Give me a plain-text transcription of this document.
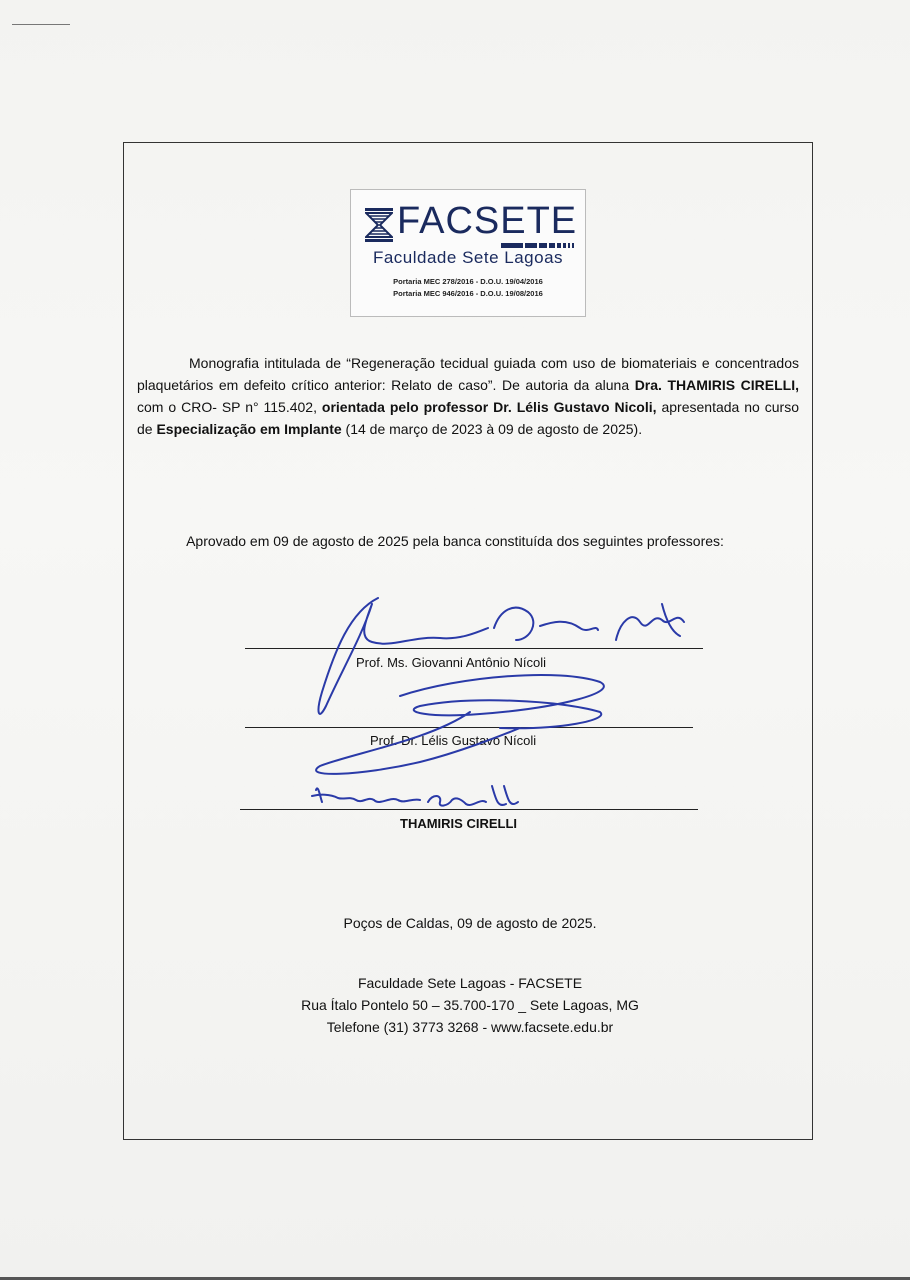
FACSETE
Faculdade Sete Lagoas
Portaria MEC 278/2016 - D.O.U. 19/04/2016
Portaria MEC 946/2016 - D.O.U. 19/08/2016

Monografia intitulada de “Regeneração tecidual guiada com uso de biomateriais e concentrados plaquetários em defeito crítico anterior: Relato de caso”. De autoria da aluna Dra. THAMIRIS CIRELLI, com o CRO- SP n° 115.402, orientada pelo professor Dr. Lélis Gustavo Nicoli, apresentada no curso de Especialização em Implante (14 de março de 2023 à 09 de agosto de 2025).

Aprovado em 09 de agosto de 2025 pela banca constituída dos seguintes professores:

Prof. Ms. Giovanni Antônio Nícoli
Prof. Dr. Lélis Gustavo Nícoli
THAMIRIS CIRELLI

Poços de Caldas, 09 de agosto de 2025.

Faculdade Sete Lagoas - FACSETE
Rua Ítalo Pontelo 50 – 35.700-170 _ Sete Lagoas, MG
Telefone (31) 3773 3268 - www.facsete.edu.br
